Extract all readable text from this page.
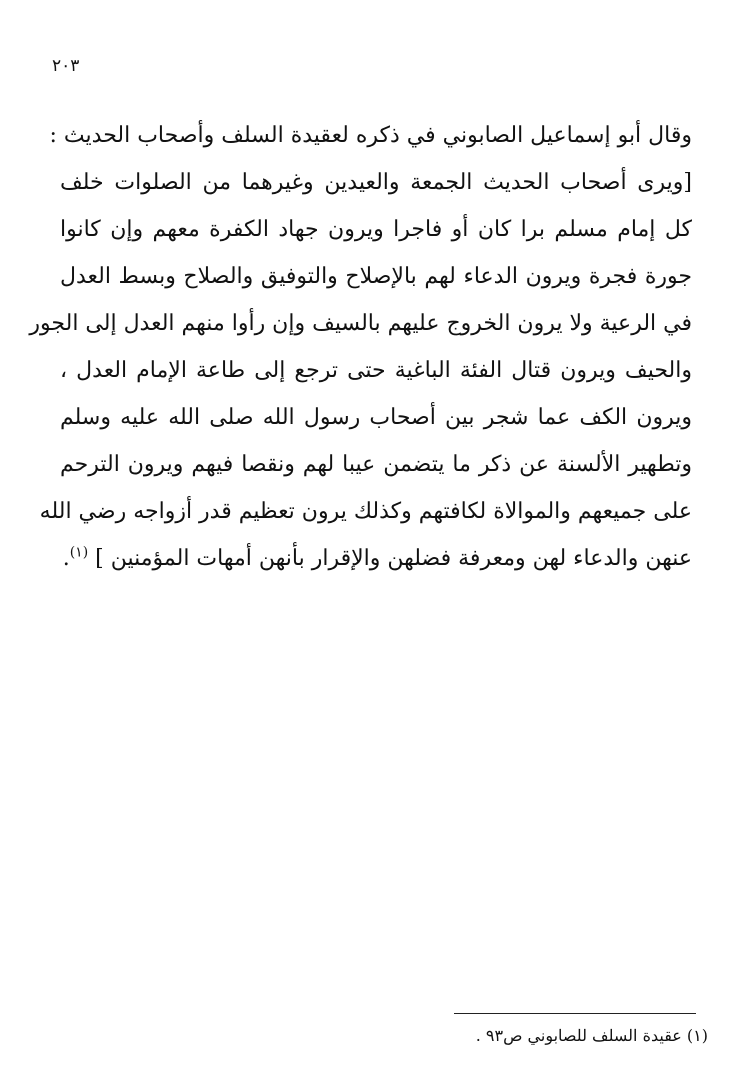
٢٠٣
وقال أبو إسماعيل الصابوني في ذكره لعقيدة السلف وأصحاب الحديث :
[ويرى أصحاب الحديث الجمعة والعيدين وغيرهما من الصلوات خلف
كل إمام مسلم برا كان أو فاجرا ويرون جهاد الكفرة معهم وإن كانوا
جورة فجرة ويرون الدعاء لهم بالإصلاح والتوفيق والصلاح وبسط العدل
في الرعية ولا يرون الخروج عليهم بالسيف وإن رأوا منهم العدل إلى الجور
والحيف ويرون قتال الفئة الباغية حتى ترجع إلى طاعة الإمام العدل ،
ويرون الكف عما شجر بين أصحاب رسول الله صلى الله عليه وسلم
وتطهير الألسنة عن ذكر ما يتضمن عيبا لهم ونقصا فيهم ويرون الترحم
على جميعهم والموالاة لكافتهم وكذلك يرون تعظيم قدر أزواجه رضي الله
عنهن والدعاء لهن ومعرفة فضلهن والإقرار بأنهن أمهات المؤمنين ] $^{(١)}$.
(١) عقيدة السلف للصابوني ص٩٣ .
